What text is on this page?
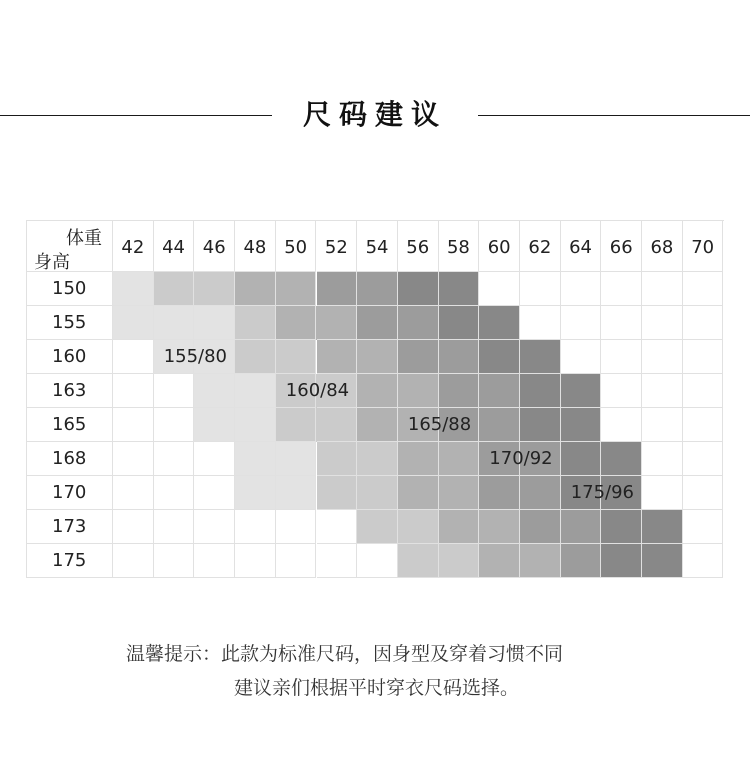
尺码建议
体重
身高
42 44 46 48 50 52 54 56 58 60 62 64 66 68 70
150
155
160
163
165
168
170
173
175
155/80
160/84
165/88
170/92
175/96
温馨提示：此款为标准尺码，因身型及穿着习惯不同
建议亲们根据平时穿衣尺码选择。
